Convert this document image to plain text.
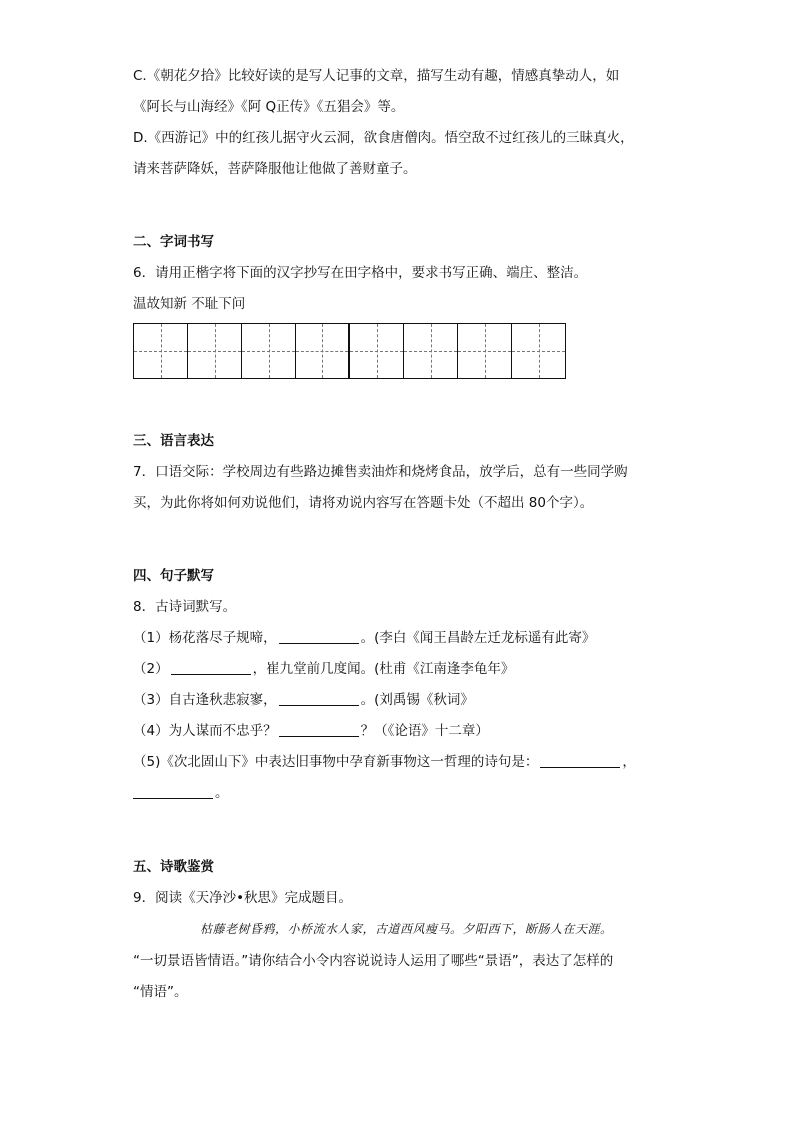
C.《朝花夕拾》比较好读的是写人记事的文章，描写生动有趣，情感真挚动人，如
《阿长与山海经》《阿 Q正传》《五猖会》等。
D.《西游记》中的红孩儿据守火云洞，欲食唐僧肉。悟空敌不过红孩儿的三昧真火，
请来菩萨降妖，菩萨降服他让他做了善财童子。
二、字词书写
6．请用正楷字将下面的汉字抄写在田字格中，要求书写正确、端庄、整洁。
温故知新 不耻下问
三、语言表达
7．口语交际：学校周边有些路边摊售卖油炸和烧烤食品，放学后，总有一些同学购
买，为此你将如何劝说他们，请将劝说内容写在答题卡处（不超出 80个字）。
四、句子默写
8．古诗词默写。
（1）杨花落尽子规啼，	。(李白《闻王昌龄左迁龙标遥有此寄》
（2）	，崔九堂前几度闻。(杜甫《江南逢李龟年》
（3）自古逢秋悲寂寥，	。(刘禹锡《秋词》
（4）为人谋而不忠乎？	？（《论语》十二章）
（5)《次北固山下》中表达旧事物中孕育新事物这一哲理的诗句是：	，
。
五、诗歌鉴赏
9．阅读《天净沙•秋思》完成题目。
枯藤老树昏鸦，小桥流水人家，古道西风瘦马。夕阳西下，断肠人在天涯。
“一切景语皆情语。”请你结合小令内容说说诗人运用了哪些“景语”，表达了怎样的
“情语”。
